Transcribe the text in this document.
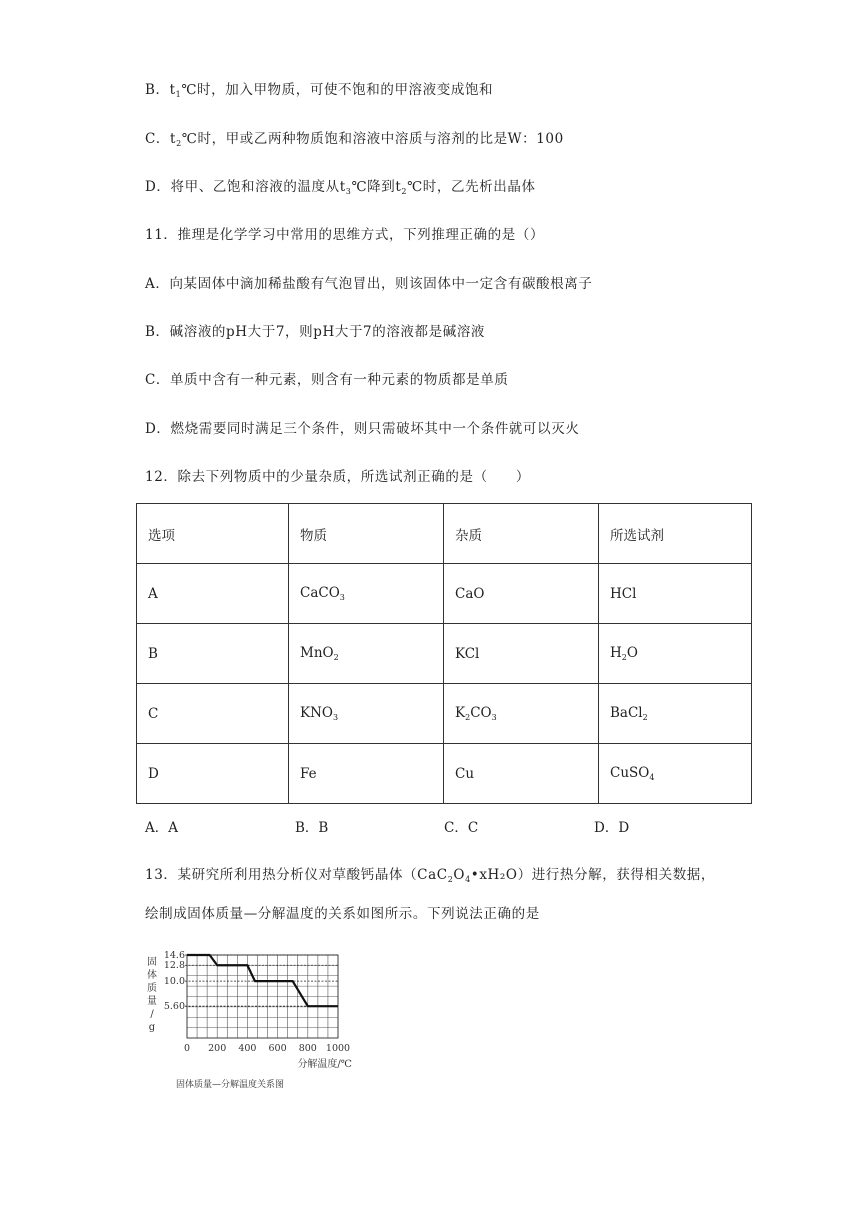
B．$t_1℃$时，加入甲物质，可使不饱和的甲溶液变成饱和
C．$t_2℃$时，甲或乙两种物质饱和溶液中溶质与溶剂的比是W：100
D．将甲、乙饱和溶液的温度从$t_3℃$降到$t_2℃$时，乙先析出晶体
11．推理是化学学习中常用的思维方式，下列推理正确的是（）
A．向某固体中滴加稀盐酸有气泡冒出，则该固体中一定含有碳酸根离子
B．碱溶液的pH大于7，则pH大于7的溶液都是碱溶液
C．单质中含有一种元素，则含有一种元素的物质都是单质
D．燃烧需要同时满足三个条件，则只需破坏其中一个条件就可以灭火
12．除去下列物质中的少量杂质，所选试剂正确的是（　　）
选项	物质	杂质	所选试剂
A	CaCO$_3$	CaO	HCl
B	MnO$_2$	KCl	$H_2O$
C	$KNO_3$	$K_2CO_3$	BaCl$_2$
D	Fe	Cu	CuSO$_4$
A．A	B．B	C．C	D．D
13．某研究所利用热分析仪对草酸钙晶体$(CaC_2O_4•xH_2O)$进行热分解，获得相关数据，
绘制成固体质量—分解温度的关系如图所示。下列说法正确的是
固
体
质
量
/
g
14.6
12.8
10.0
5.60
0 200 400 600 800 1000
分解温度/℃
固体质量—分解温度关系图
